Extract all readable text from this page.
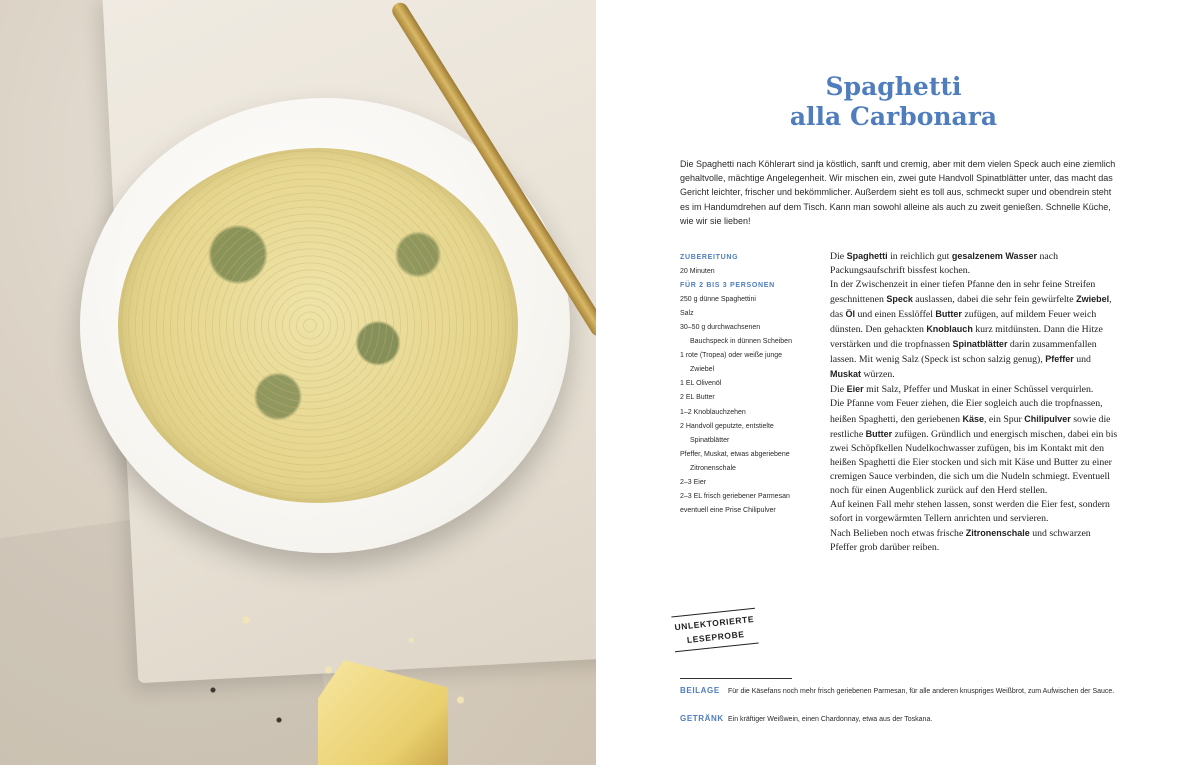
Spaghetti
alla Carbonara
Die Spaghetti nach Köhlerart sind ja köstlich, sanft und cremig, aber mit dem vielen Speck auch eine ziemlich gehaltvolle, mächtige Angelegenheit. Wir mischen ein, zwei gute Handvoll Spinatblätter unter, das macht das Gericht leichter, frischer und bekömmlicher. Außerdem sieht es toll aus, schmeckt super und obendrein steht es im Handumdrehen auf dem Tisch. Kann man sowohl alleine als auch zu zweit genießen. Schnelle Küche, wie wir sie lieben!
ZUBEREITUNG
20 Minuten
FÜR 2 BIS 3 PERSONEN
250 g dünne Spaghettini
Salz
30–50 g durchwachsenen
Bauchspeck in dünnen Scheiben
1 rote (Tropea) oder weiße junge
Zwiebel
1 EL Olivenöl
2 EL Butter
1–2 Knoblauchzehen
2 Handvoll geputzte, entstielte
Spinatblätter
Pfeffer, Muskat, etwas abgeriebene
Zitronenschale
2–3 Eier
2–3 EL frisch geriebener Parmesan
eventuell eine Prise Chilipulver

Die Spaghetti in reichlich gut gesalzenem Wasser nach Packungsaufschrift bissfest kochen.

In der Zwischenzeit in einer tiefen Pfanne den in sehr feine Streifen geschnittenen Speck auslassen, dabei die sehr fein gewürfelte Zwiebel, das Öl und einen Esslöffel Butter zufügen, auf mildem Feuer weich dünsten. Den gehackten Knoblauch kurz mitdünsten. Dann die Hitze verstärken und die tropfnassen Spinatblätter darin zusammenfallen lassen. Mit wenig Salz (Speck ist schon salzig genug), Pfeffer und Muskat würzen.

Die Eier mit Salz, Pfeffer und Muskat in einer Schüssel verquirlen.

Die Pfanne vom Feuer ziehen, die Eier sogleich auch die tropfnassen, heißen Spaghetti, den geriebenen Käse, ein Spur Chilipulver sowie die restliche Butter zufügen. Gründlich und energisch mischen, dabei ein bis zwei Schöpfkellen Nudelkochwasser zufügen, bis im Kontakt mit den heißen Spaghetti die Eier stocken und sich mit Käse und Butter zu einer cremigen Sauce verbinden, die sich um die Nudeln schmiegt. Eventuell noch für einen Augenblick zurück auf den Herd stellen.

Auf keinen Fall mehr stehen lassen, sonst werden die Eier fest, sondern sofort in vorgewärmten Tellern anrichten und servieren.

Nach Belieben noch etwas frische Zitronenschale und schwarzen Pfeffer grob darüber reiben.

UNLEKTORIERTE
LESEPROBE
BEILAGE Für die Käsefans noch mehr frisch geriebenen Parmesan, für alle anderen knuspriges Weißbrot, zum Aufwischen der Sauce.
GETRÄNK Ein kräftiger Weißwein, einen Chardonnay, etwa aus der Toskana.
